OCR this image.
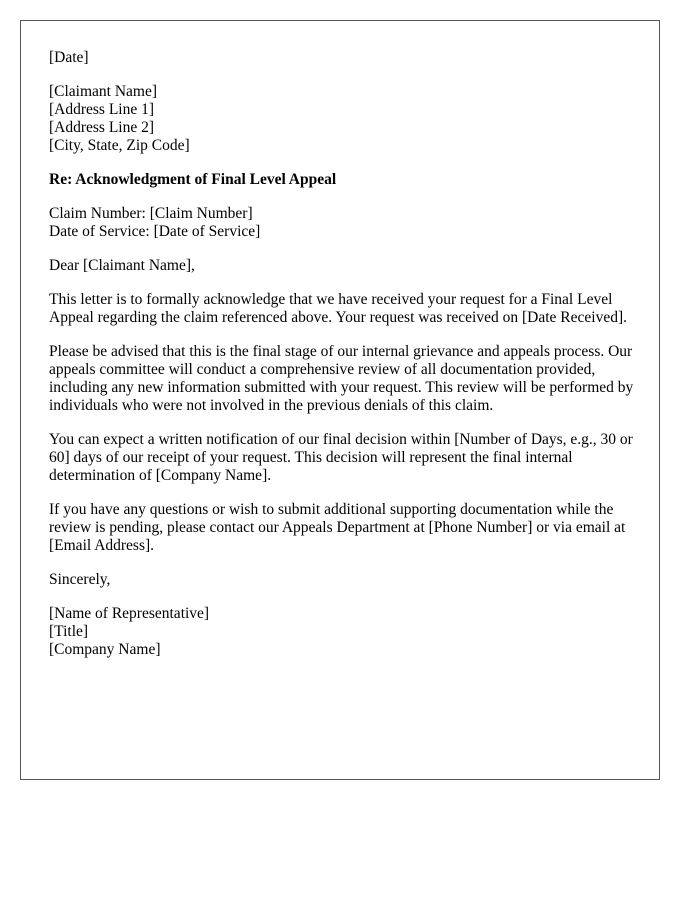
[Date]

[Claimant Name]
[Address Line 1]
[Address Line 2]
[City, State, Zip Code]

Re: Acknowledgment of Final Level Appeal

Claim Number: [Claim Number]
Date of Service: [Date of Service]

Dear [Claimant Name],

This letter is to formally acknowledge that we have received your request for a Final Level Appeal regarding the claim referenced above. Your request was received on [Date Received].

Please be advised that this is the final stage of our internal grievance and appeals process. Our appeals committee will conduct a comprehensive review of all documentation provided, including any new information submitted with your request. This review will be performed by individuals who were not involved in the previous denials of this claim.

You can expect a written notification of our final decision within [Number of Days, e.g., 30 or 60] days of our receipt of your request. This decision will represent the final internal determination of [Company Name].

If you have any questions or wish to submit additional supporting documentation while the review is pending, please contact our Appeals Department at [Phone Number] or via email at [Email Address].

Sincerely,

[Name of Representative]
[Title]
[Company Name]
